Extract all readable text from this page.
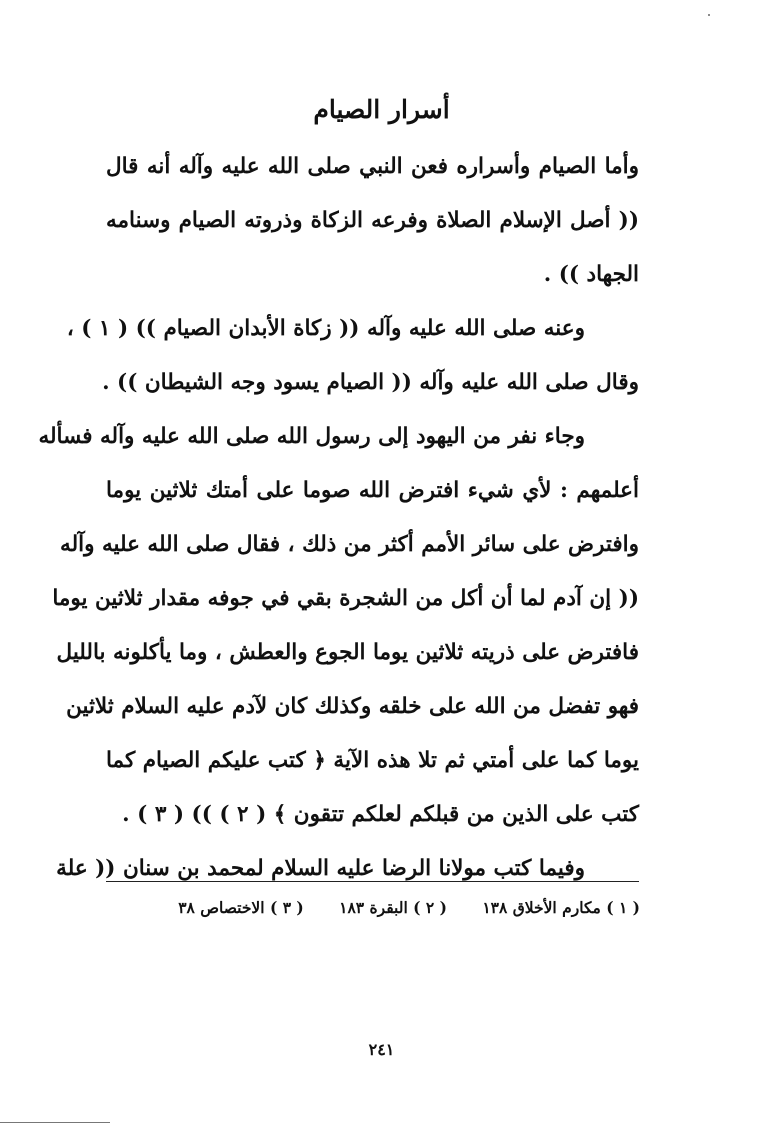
أسرار الصيام
وأما الصيام وأسراره فعن النبي صلى الله عليه وآله أنه قال
(( أصل الإسلام الصلاة وفرعه الزكاة وذروته الصيام وسنامه
الجهاد )) .
وعنه صلى الله عليه وآله (( زكاة الأبدان الصيام )) ( ١ ) ،
وقال صلى الله عليه وآله (( الصيام يسود وجه الشيطان )) .
وجاء نفر من اليهود إلى رسول الله صلى الله عليه وآله فسأله
أعلمهم : لأي شيء افترض الله صوما على أمتك ثلاثين يوما
وافترض على سائر الأمم أكثر من ذلك ، فقال صلى الله عليه وآله
(( إن آدم لما أن أكل من الشجرة بقي في جوفه مقدار ثلاثين يوما
فافترض على ذريته ثلاثين يوما الجوع والعطش ، وما يأكلونه بالليل
فهو تفضل من الله على خلقه وكذلك كان لآدم عليه السلام ثلاثين
يوما كما على أمتي ثم تلا هذه الآية ﴿ كتب عليكم الصيام كما
كتب على الذين من قبلكم لعلكم تتقون ﴾ ( ٢ ) )) ( ٣ ) .
وفيما كتب مولانا الرضا عليه السلام لمحمد بن سنان (( علة
( ١ ) مكارم الأخلاق ١٣٨ ( ٢ ) البقرة ١٨٣ ( ٣ ) الاختصاص ٣٨
٢٤١
